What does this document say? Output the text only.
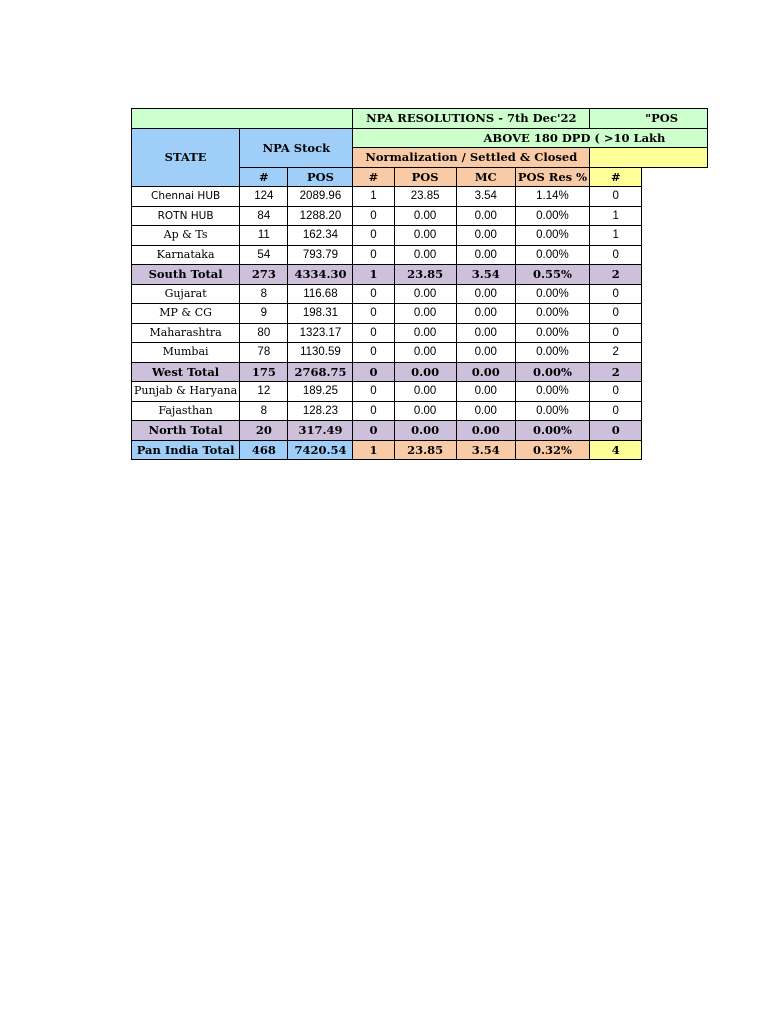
			NPA RESOLUTIONS - 7th Dec'22				"POS	
STATE	NPA Stock		ABOVE 180 DPD ( >10 Lakh					
			Normalization / Settled & Closed					
	#	POS	#	POS	MC	POS Res %	#	
Chennai HUB	124	2089.96	1	23.85	3.54	1.14%	0	
ROTN HUB	84	1288.20	0	0.00	0.00	0.00%	1	
Ap & Ts	11	162.34	0	0.00	0.00	0.00%	1	
Karnataka	54	793.79	0	0.00	0.00	0.00%	0	
South Total	273	4334.30	1	23.85	3.54	0.55%	2	
Gujarat	8	116.68	0	0.00	0.00	0.00%	0	
MP & CG	9	198.31	0	0.00	0.00	0.00%	0	
Maharashtra	80	1323.17	0	0.00	0.00	0.00%	0	
Mumbai	78	1130.59	0	0.00	0.00	0.00%	2	
West Total	175	2768.75	0	0.00	0.00	0.00%	2	
Punjab & Haryana	12	189.25	0	0.00	0.00	0.00%	0	
Fajasthan	8	128.23	0	0.00	0.00	0.00%	0	
North Total	20	317.49	0	0.00	0.00	0.00%	0	
Pan India Total	468	7420.54	1	23.85	3.54	0.32%	4	
